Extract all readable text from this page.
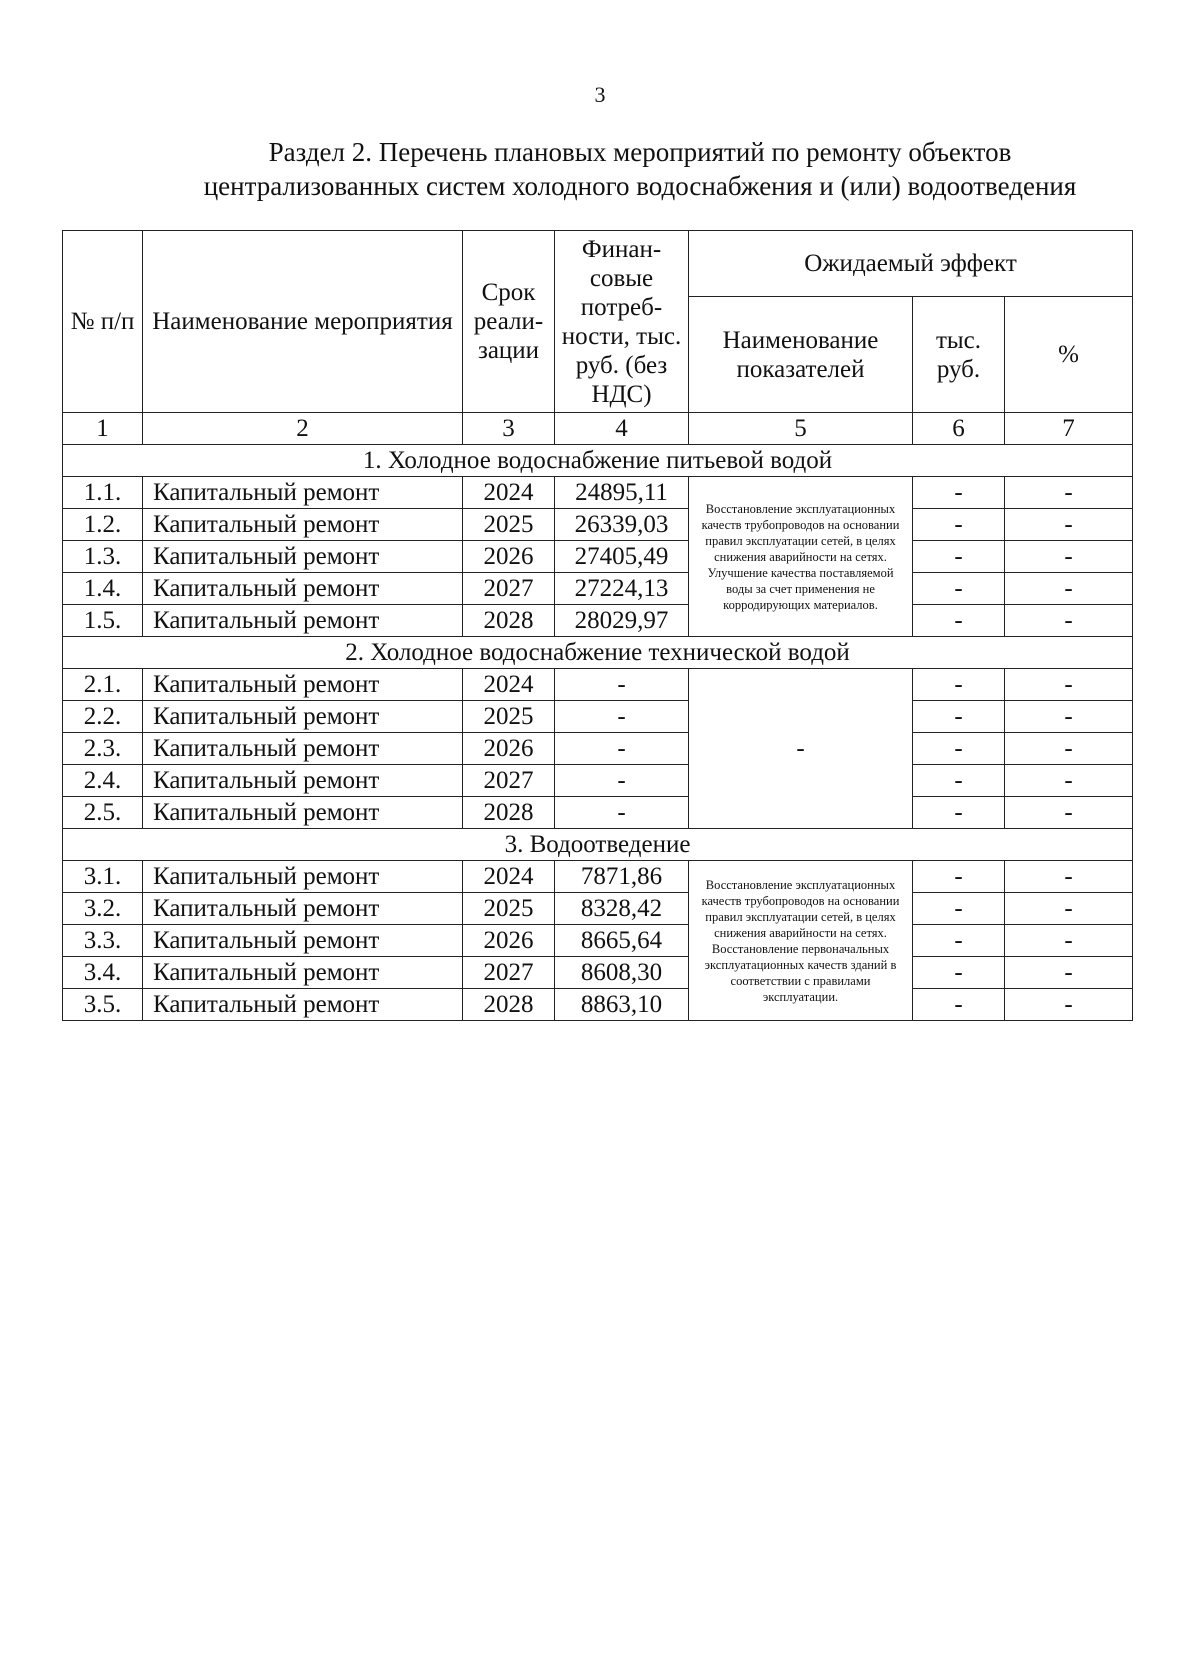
3
Раздел 2. Перечень плановых мероприятий по ремонту объектов
централизованных систем холодного водоснабжения и (или) водоотведения
№ п/п	Наименование мероприятия	Срок реали- зации	Финан- совые потреб- ности, тыс. руб. (без НДС)	Ожидаемый эффект		
				Наименование показателей	тыс. руб.	%
1	2	3	4	5	6	7
1. Холодное водоснабжение питьевой водой						
1.1.	Капитальный ремонт	2024	24895,11	Восстановление эксплуатационных качеств трубопроводов на основании правил эксплуатации сетей, в целях снижения аварийности на сетях. Улучшение качества поставляемой воды за счет применения не корродирующих материалов.	-	-
1.2.	Капитальный ремонт	2025	26339,03		-	-
1.3.	Капитальный ремонт	2026	27405,49		-	-
1.4.	Капитальный ремонт	2027	27224,13		-	-
1.5.	Капитальный ремонт	2028	28029,97		-	-
2. Холодное водоснабжение технической водой						
2.1.	Капитальный ремонт	2024	-	-	-	-
2.2.	Капитальный ремонт	2025	-		-	-
2.3.	Капитальный ремонт	2026	-		-	-
2.4.	Капитальный ремонт	2027	-		-	-
2.5.	Капитальный ремонт	2028	-		-	-
3. Водоотведение						
3.1.	Капитальный ремонт	2024	7871,86	Восстановление эксплуатационных качеств трубопроводов на основании правил эксплуатации сетей, в целях снижения аварийности на сетях. Восстановление первоначальных эксплуатационных качеств зданий в соответствии с правилами эксплуатации.	-	-
3.2.	Капитальный ремонт	2025	8328,42		-	-
3.3.	Капитальный ремонт	2026	8665,64		-	-
3.4.	Капитальный ремонт	2027	8608,30		-	-
3.5.	Капитальный ремонт	2028	8863,10		-	-
